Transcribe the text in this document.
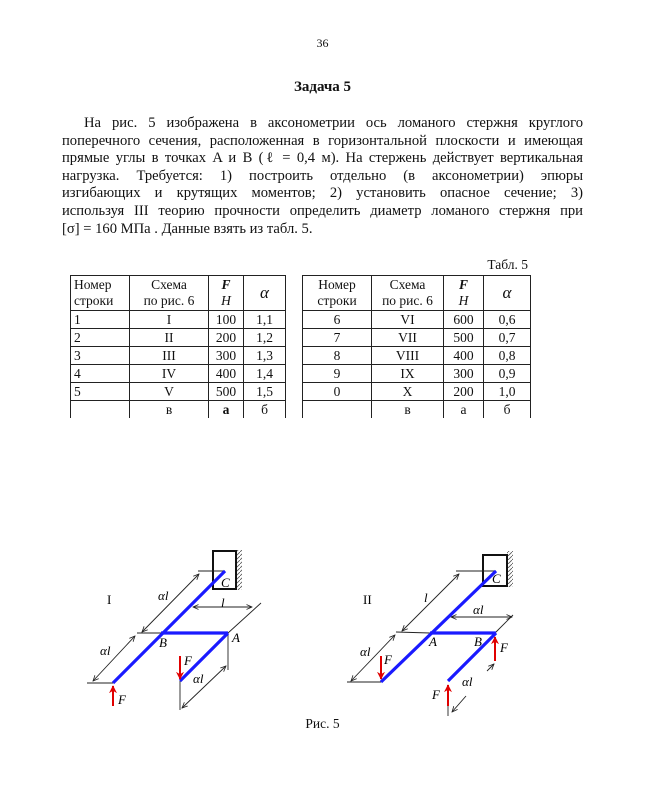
36
Задача 5
На рис. 5 изображена в аксонометрии ось ломаного стержня круглого
поперечного сечения, расположенная в горизонтальной плоскости и имеющая
прямые углы в точках A и B (ℓ = 0,4 м). На стержень действует вертикальная
нагрузка. Требуется: 1) построить отдельно (в аксонометрии) эпюры
изгибающих и крутящих моментов; 2) установить опасное сечение; 3)
используя III теорию прочности определить диаметр ломаного стержня при
[σ] = 160 МПа . Данные взять из табл. 5.
Табл. 5
Номер
строки	Схема
по рис. 6	F
H	α		Номер
строки	Схема
по рис. 6	F
H	α
1	I	100	1,1		6	VI	600	0,6
2	II	200	1,2		7	VII	500	0,7
3	III	300	1,3		8	VIII	400	0,8
4	IV	400	1,4		9	IX	300	0,9
5	V	500	1,5		0	X	200	1,0
	в	а	б			в	а	б
I
C
B	A
αl	l
αl
αl
F
F
II
C
A	B
l
αl
αl
αl
F
F
F
Рис. 5
